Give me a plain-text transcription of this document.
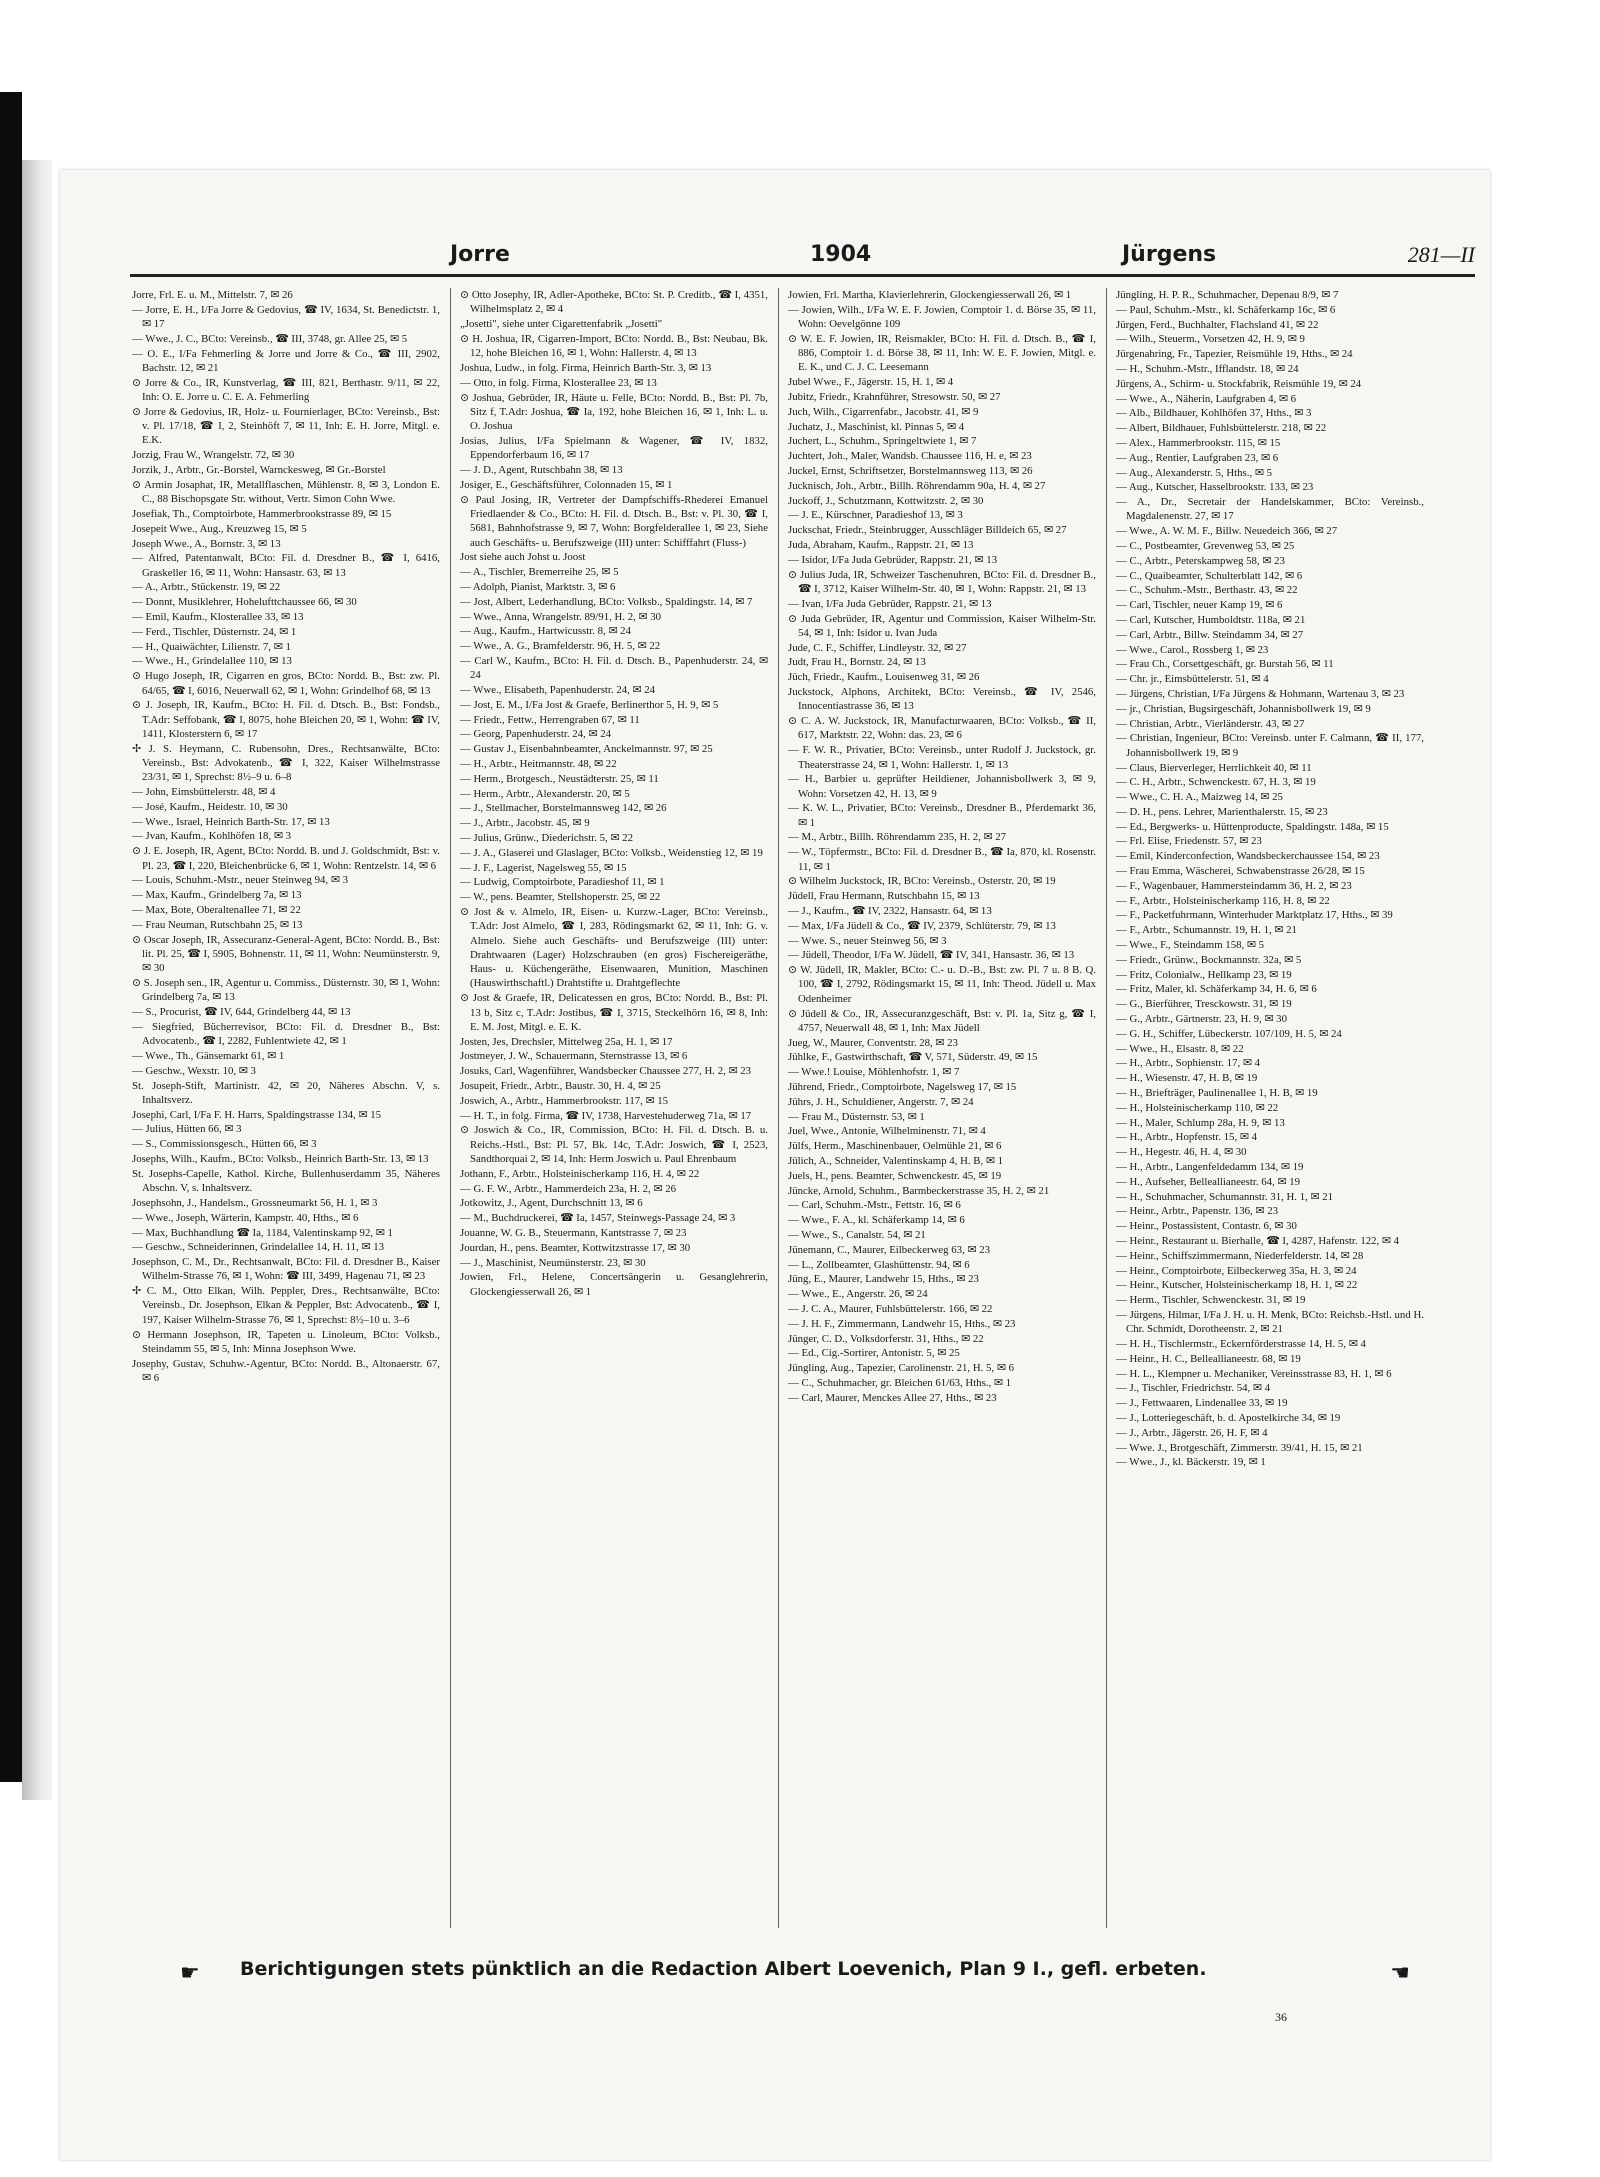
Jorre	1904	Jürgens	281—II
Jorre, Frl. E. u. M., Mittelstr. 7, ✉ 26
— Jorre, E. H., I/Fa Jorre & Gedovius, ☎ IV, 1634, St. Benedictstr. 1, ✉ 17
— Wwe., J. C., BCto: Vereinsb., ☎ III, 3748, gr. Allee 25, ✉ 5
— O. E., I/Fa Fehmerling & Jorre und Jorre & Co., ☎ III, 2902, Bachstr. 12, ✉ 21
⊙ Jorre & Co., IR, Kunstverlag, ☎ III, 821, Berthastr. 9/11, ✉ 22, Inh: O. E. Jorre u. C. E. A. Fehmerling
⊙ Jorre & Gedovius, IR, Holz- u. Fournierlager, BCto: Vereinsb., Bst: v. Pl. 17/18, ☎ I, 2, Steinhöft 7, ✉ 11, Inh: E. H. Jorre, Mitgl. e. E.K.
Jorzig, Frau W., Wrangelstr. 72, ✉ 30
Jorzik, J., Arbtr., Gr.-Borstel, Warnckesweg, ✉ Gr.-Borstel
⊙ Armin Josaphat, IR, Metallflaschen, Mühlenstr. 8, ✉ 3, London E. C., 88 Bischopsgate Str. without, Vertr. Simon Cohn Wwe.
Josefiak, Th., Comptoirbote, Hammerbrookstrasse 89, ✉ 15
Josepeit Wwe., Aug., Kreuzweg 15, ✉ 5
Joseph Wwe., A., Bornstr. 3, ✉ 13
— Alfred, Patentanwalt, BCto: Fil. d. Dresdner B., ☎ I, 6416, Graskeller 16, ✉ 11, Wohn: Hansastr. 63, ✉ 13
— A., Arbtr., Stückenstr. 19, ✉ 22
— Donnt, Musiklehrer, Hohelufttchaussee 66, ✉ 30
— Emil, Kaufm., Klosterallee 33, ✉ 13
— Ferd., Tischler, Düsternstr. 24, ✉ 1
— H., Quaiwächter, Lilienstr. 7, ✉ 1
— Wwe., H., Grindelallee 110, ✉ 13
⊙ Hugo Joseph, IR, Cigarren en gros, BCto: Nordd. B., Bst: zw. Pl. 64/65, ☎ I, 6016, Neuerwall 62, ✉ 1, Wohn: Grindelhof 68, ✉ 13
⊙ J. Joseph, IR, Kaufm., BCto: H. Fil. d. Dtsch. B., Bst: Fondsb., T.Adr: Seffobank, ☎ I, 8075, hohe Bleichen 20, ✉ 1, Wohn: ☎ IV, 1411, Klosterstern 6, ✉ 17
✢ J. S. Heymann, C. Rubensohn, Dres., Rechtsanwälte, BCto: Vereinsb., Bst: Advokatenb., ☎ I, 322, Kaiser Wilhelmstrasse 23/31, ✉ 1, Sprechst: 8½–9 u. 6–8
— John, Eimsbüttelerstr. 48, ✉ 4
— José, Kaufm., Heidestr. 10, ✉ 30
— Wwe., Israel, Heinrich Barth-Str. 17, ✉ 13
— Jvan, Kaufm., Kohlhöfen 18, ✉ 3
⊙ J. E. Joseph, IR, Agent, BCto: Nordd. B. und J. Goldschmidt, Bst: v. Pl. 23, ☎ I, 220, Bleichenbrücke 6, ✉ 1, Wohn: Rentzelstr. 14, ✉ 6
— Louis, Schuhm.-Mstr., neuer Steinweg 94, ✉ 3
— Max, Kaufm., Grindelberg 7a, ✉ 13
— Max, Bote, Oberaltenallee 71, ✉ 22
— Frau Neuman, Rutschbahn 25, ✉ 13
⊙ Oscar Joseph, IR, Assecuranz-General-Agent, BCto: Nordd. B., Bst: lit. Pl. 25, ☎ I, 5905, Bohnenstr. 11, ✉ 11, Wohn: Neumünsterstr. 9, ✉ 30
⊙ S. Joseph sen., IR, Agentur u. Commiss., Düsternstr. 30, ✉ 1, Wohn: Grindelberg 7a, ✉ 13
— S., Procurist, ☎ IV, 644, Grindelberg 44, ✉ 13
— Siegfried, Bücherrevisor, BCto: Fil. d. Dresdner B., Bst: Advocatenb., ☎ I, 2282, Fuhlentwiete 42, ✉ 1
— Wwe., Th., Gänsemarkt 61, ✉ 1
— Geschw., Wexstr. 10, ✉ 3
St. Joseph-Stift, Martinistr. 42, ✉ 20, Näheres Abschn. V, s. Inhaltsverz.
Josephi, Carl, I/Fa F. H. Harrs, Spaldingstrasse 134, ✉ 15
— Julius, Hütten 66, ✉ 3
— S., Commissionsgesch., Hütten 66, ✉ 3
Josephs, Wilh., Kaufm., BCto: Volksb., Heinrich Barth-Str. 13, ✉ 13
St. Josephs-Capelle, Kathol. Kirche, Bullenhuserdamm 35, Näheres Abschn. V, s. Inhaltsverz.
Josephsohn, J., Handelsm., Grossneumarkt 56, H. 1, ✉ 3
— Wwe., Joseph, Wärterin, Kampstr. 40, Hths., ✉ 6
— Max, Buchhandlung ☎ Ia, 1184, Valentinskamp 92, ✉ 1
— Geschw., Schneiderinnen, Grindelallee 14, H. 11, ✉ 13
Josephson, C. M., Dr., Rechtsanwalt, BCto: Fil. d. Dresdner B., Kaiser Wilhelm-Strasse 76, ✉ 1, Wohn: ☎ III, 3499, Hagenau 71, ✉ 23
✢ C. M., Otto Elkan, Wilh. Peppler, Dres., Rechtsanwälte, BCto: Vereinsb., Dr. Josephson, Elkan & Peppler, Bst: Advocatenb., ☎ I, 197, Kaiser Wilhelm-Strasse 76, ✉ 1, Sprechst: 8½–10 u. 3–6
⊙ Hermann Josephson, IR, Tapeten u. Linoleum, BCto: Volksb., Steindamm 55, ✉ 5, Inh: Minna Josephson Wwe.
Josephy, Gustav, Schuhw.-Agentur, BCto: Nordd. B., Altonaerstr. 67, ✉ 6
⊙ Otto Josephy, IR, Adler-Apotheke, BCto: St. P. Creditb., ☎ I, 4351, Wilhelmsplatz 2, ✉ 4
„Josetti", siehe unter Cigarettenfabrik „Josetti"
⊙ H. Joshua, IR, Cigarren-Import, BCto: Nordd. B., Bst: Neubau, Bk. 12, hohe Bleichen 16, ✉ 1, Wohn: Hallerstr. 4, ✉ 13
Joshua, Ludw., in folg. Firma, Heinrich Barth-Str. 3, ✉ 13
— Otto, in folg. Firma, Klosterallee 23, ✉ 13
⊙ Joshua, Gebrüder, IR, Häute u. Felle, BCto: Nordd. B., Bst: Pl. 7b, Sitz f, T.Adr: Joshua, ☎ Ia, 192, hohe Bleichen 16, ✉ 1, Inh: L. u. O. Joshua
Josias, Julius, I/Fa Spielmann & Wagener, ☎ IV, 1832, Eppendorferbaum 16, ✉ 17
— J. D., Agent, Rutschbahn 38, ✉ 13
Josiger, E., Geschäftsführer, Colonnaden 15, ✉ 1
⊙ Paul Josing, IR, Vertreter der Dampfschiffs-Rhederei Emanuel Friedlaender & Co., BCto: H. Fil. d. Dtsch. B., Bst: v. Pl. 30, ☎ I, 5681, Bahnhofstrasse 9, ✉ 7, Wohn: Borgfelderallee 1, ✉ 23, Siehe auch Geschäfts- u. Berufszweige (III) unter: Schifffahrt (Fluss-)
Jost siehe auch Johst u. Joost
— A., Tischler, Bremerreihe 25, ✉ 5
— Adolph, Pianist, Marktstr. 3, ✉ 6
— Jost, Albert, Lederhandlung, BCto: Volksb., Spaldingstr. 14, ✉ 7
— Wwe., Anna, Wrangelstr. 89/91, H. 2, ✉ 30
— Aug., Kaufm., Hartwicusstr. 8, ✉ 24
— Wwe., A. G., Bramfelderstr. 96, H. 5, ✉ 22
— Carl W., Kaufm., BCto: H. Fil. d. Dtsch. B., Papenhuderstr. 24, ✉ 24
— Wwe., Elisabeth, Papenhuderstr. 24, ✉ 24
— Jost, E. M., I/Fa Jost & Graefe, Berlinerthor 5, H. 9, ✉ 5
— Friedr., Fettw., Herrengraben 67, ✉ 11
— Georg, Papenhuderstr. 24, ✉ 24
— Gustav J., Eisenbahnbeamter, Anckelmannstr. 97, ✉ 25
— H., Arbtr., Heitmannstr. 48, ✉ 22
— Herm., Brotgesch., Neustädterstr. 25, ✉ 11
— Herm., Arbtr., Alexanderstr. 20, ✉ 5
— J., Stellmacher, Borstelmannsweg 142, ✉ 26
— J., Arbtr., Jacobstr. 45, ✉ 9
— Julius, Grünw., Diederichstr. 5, ✉ 22
— J. A., Glaserei und Glaslager, BCto: Volksb., Weidenstieg 12, ✉ 19
— J. F., Lagerist, Nagelsweg 55, ✉ 15
— Ludwig, Comptoirbote, Paradieshof 11, ✉ 1
— W., pens. Beamter, Stellshoperstr. 25, ✉ 22
⊙ Jost & v. Almelo, IR, Eisen- u. Kurzw.-Lager, BCto: Vereinsb., T.Adr: Jost Almelo, ☎ I, 283, Rödingsmarkt 62, ✉ 11, Inh: G. v. Almelo. Siehe auch Geschäfts- und Berufszweige (III) unter: Drahtwaaren (Lager) Holzschrauben (en gros) Fischereigeräthe, Haus- u. Küchengeräthe, Eisenwaaren, Munition, Maschinen (Hauswirthschaftl.) Drahtstifte u. Drahtgeflechte
⊙ Jost & Graefe, IR, Delicatessen en gros, BCto: Nordd. B., Bst: Pl. 13 b, Sitz c, T.Adr: Jostibus, ☎ I, 3715, Steckelhörn 16, ✉ 8, Inh: E. M. Jost, Mitgl. e. E. K.
Josten, Jes, Drechsler, Mittelweg 25a, H. 1, ✉ 17
Jostmeyer, J. W., Schauermann, Sternstrasse 13, ✉ 6
Josuks, Carl, Wagenführer, Wandsbecker Chaussee 277, H. 2, ✉ 23
Josupeit, Friedr., Arbtr., Baustr. 30, H. 4, ✉ 25
Joswich, A., Arbtr., Hammerbrookstr. 117, ✉ 15
— H. T., in folg. Firma, ☎ IV, 1738, Harvestehuderweg 71a, ✉ 17
⊙ Joswich & Co., IR, Commission, BCto: H. Fil. d. Dtsch. B. u. Reichs.-Hstl., Bst: Pl. 57, Bk. 14c, T.Adr: Joswich, ☎ I, 2523, Sandthorquai 2, ✉ 14, Inh: Herm Joswich u. Paul Ehrenbaum
Jothann, F., Arbtr., Holsteinischerkamp 116, H. 4, ✉ 22
— G. F. W., Arbtr., Hammerdeich 23a, H. 2, ✉ 26
Jotkowitz, J., Agent, Durchschnitt 13, ✉ 6
— M., Buchdruckerei, ☎ Ia, 1457, Steinwegs-Passage 24, ✉ 3
Jouanne, W. G. B., Steuermann, Kantstrasse 7, ✉ 23
Jourdan, H., pens. Beamter, Kottwitzstrasse 17, ✉ 30
— J., Maschinist, Neumünsterstr. 23, ✉ 30
Jowien, Frl., Helene, Concertsängerin u. Gesanglehrerin, Glockengiesserwall 26, ✉ 1
Jowien, Frl. Martha, Klavierlehrerin, Glockengiesserwall 26, ✉ 1
— Jowien, Wilh., I/Fa W. E. F. Jowien, Comptoir 1. d. Börse 35, ✉ 11, Wohn: Oevelgönne 109
⊙ W. E. F. Jowien, IR, Reismakler, BCto: H. Fil. d. Dtsch. B., ☎ I, 886, Comptoir 1. d. Börse 38, ✉ 11, Inh: W. E. F. Jowien, Mitgl. e. E. K., und C. J. C. Leesemann
Jubel Wwe., F., Jägerstr. 15, H. 1, ✉ 4
Jubitz, Friedr., Krahnführer, Stresowstr. 50, ✉ 27
Juch, Wilh., Cigarrenfabr., Jacobstr. 41, ✉ 9
Juchatz, J., Maschinist, kl. Pinnas 5, ✉ 4
Juchert, L., Schuhm., Springeltwiete 1, ✉ 7
Juchtert, Joh., Maler, Wandsb. Chaussee 116, H. e, ✉ 23
Juckel, Ernst, Schriftsetzer, Borstelmannsweg 113, ✉ 26
Jucknisch, Joh., Arbtr., Billh. Röhrendamm 90a, H. 4, ✉ 27
Juckoff, J., Schutzmann, Kottwitzstr. 2, ✉ 30
— J. E., Kürschner, Paradieshof 13, ✉ 3
Juckschat, Friedr., Steinbrugger, Ausschläger Billdeich 65, ✉ 27
Juda, Abraham, Kaufm., Rappstr. 21, ✉ 13
— Isidor, I/Fa Juda Gebrüder, Rappstr. 21, ✉ 13
⊙ Julius Juda, IR, Schweizer Taschenuhren, BCto: Fil. d. Dresdner B., ☎ I, 3712, Kaiser Wilhelm-Str. 40, ✉ 1, Wohn: Rappstr. 21, ✉ 13
— Ivan, I/Fa Juda Gebrüder, Rappstr. 21, ✉ 13
⊙ Juda Gebrüder, IR, Agentur und Commission, Kaiser Wilhelm-Str. 54, ✉ 1, Inh: Isidor u. Ivan Juda
Jude, C. F., Schiffer, Lindleystr. 32, ✉ 27
Judt, Frau H., Bornstr. 24, ✉ 13
Jüch, Friedr., Kaufm., Louisenweg 31, ✉ 26
Juckstock, Alphons, Architekt, BCto: Vereinsb., ☎ IV, 2546, Innocentiastrasse 36, ✉ 13
⊙ C. A. W. Juckstock, IR, Manufacturwaaren, BCto: Volksb., ☎ II, 617, Marktstr. 22, Wohn: das. 23, ✉ 6
— F. W. R., Privatier, BCto: Vereinsb., unter Rudolf J. Juckstock, gr. Theaterstrasse 24, ✉ 1, Wohn: Hallerstr. 1, ✉ 13
— H., Barbier u. geprüfter Heildiener, Johannisbollwerk 3, ✉ 9, Wohn: Vorsetzen 42, H. 13, ✉ 9
— K. W. L., Privatier, BCto: Vereinsb., Dresdner B., Pferdemarkt 36, ✉ 1
— M., Arbtr., Billh. Röhrendamm 235, H. 2, ✉ 27
— W., Töpfermstr., BCto: Fil. d. Dresdner B., ☎ Ia, 870, kl. Rosenstr. 11, ✉ 1
⊙ Wilhelm Juckstock, IR, BCto: Vereinsb., Osterstr. 20, ✉ 19
Jüdell, Frau Hermann, Rutschbahn 15, ✉ 13
— J., Kaufm., ☎ IV, 2322, Hansastr. 64, ✉ 13
— Max, I/Fa Jüdell & Co., ☎ IV, 2379, Schlüterstr. 79, ✉ 13
— Wwe. S., neuer Steinweg 56, ✉ 3
— Jüdell, Theodor, I/Fa W. Jüdell, ☎ IV, 341, Hansastr. 36, ✉ 13
⊙ W. Jüdell, IR, Makler, BCto: C.- u. D.-B., Bst: zw. Pl. 7 u. 8 B. Q. 100, ☎ I, 2792, Rödingsmarkt 15, ✉ 11, Inh: Theod. Jüdell u. Max Odenheimer
⊙ Jüdell & Co., IR, Assecuranzgeschäft, Bst: v. Pl. 1a, Sitz g, ☎ I, 4757, Neuerwall 48, ✉ 1, Inh: Max Jüdell
Jueg, W., Maurer, Conventstr. 28, ✉ 23
Jühlke, F., Gastwirthschaft, ☎ V, 571, Süderstr. 49, ✉ 15
— Wwe.! Louise, Möhlenhofstr. 1, ✉ 7
Jührend, Friedr., Comptoirbote, Nagelsweg 17, ✉ 15
Jührs, J. H., Schuldiener, Angerstr. 7, ✉ 24
— Frau M., Düsternstr. 53, ✉ 1
Juel, Wwe., Antonie, Wilhelminenstr. 71, ✉ 4
Jülfs, Herm., Maschinenbauer, Oelmühle 21, ✉ 6
Jülich, A., Schneider, Valentinskamp 4, H. B, ✉ 1
Juels, H., pens. Beamter, Schwenckestr. 45, ✉ 19
Jüncke, Arnold, Schuhm., Barmbeckerstrasse 35, H. 2, ✉ 21
— Carl, Schuhm.-Mstr., Fettstr. 16, ✉ 6
— Wwe., F. A., kl. Schäferkamp 14, ✉ 6
— Wwe., S., Canalstr. 54, ✉ 21
Jünemann, C., Maurer, Eilbeckerweg 63, ✉ 23
— L., Zollbeamter, Glashüttenstr. 94, ✉ 6
Jüng, E., Maurer, Landwehr 15, Hths., ✉ 23
— Wwe., E., Angerstr. 26, ✉ 24
— J. C. A., Maurer, Fuhlsbüttelerstr. 166, ✉ 22
— J. H. F., Zimmermann, Landwehr 15, Hths., ✉ 23
Jünger, C. D., Volksdorferstr. 31, Hths., ✉ 22
— Ed., Cig.-Sortirer, Antonistr. 5, ✉ 25
Jüngling, Aug., Tapezier, Carolinenstr. 21, H. 5, ✉ 6
— C., Schuhmacher, gr. Bleichen 61/63, Hths., ✉ 1
— Carl, Maurer, Menckes Allee 27, Hths., ✉ 23
Jüngling, H. P. R., Schuhmacher, Depenau 8/9, ✉ 7
— Paul, Schuhm.-Mstr., kl. Schäferkamp 16c, ✉ 6
Jürgen, Ferd., Buchhalter, Flachsland 41, ✉ 22
— Wilh., Steuerm., Vorsetzen 42, H. 9, ✉ 9
Jürgenahring, Fr., Tapezier, Reismühle 19, Hths., ✉ 24
— H., Schuhm.-Mstr., Ifflandstr. 18, ✉ 24
Jürgens, A., Schirm- u. Stockfabrik, Reismühle 19, ✉ 24
— Wwe., A., Näherin, Laufgraben 4, ✉ 6
— Alb., Bildhauer, Kohlhöfen 37, Hths., ✉ 3
— Albert, Bildhauer, Fuhlsbüttelerstr. 218, ✉ 22
— Alex., Hammerbrookstr. 115, ✉ 15
— Aug., Rentier, Laufgraben 23, ✉ 6
— Aug., Alexanderstr. 5, Hths., ✉ 5
— Aug., Kutscher, Hasselbrookstr. 133, ✉ 23
— A., Dr., Secretair der Handelskammer, BCto: Vereinsb., Magdalenenstr. 27, ✉ 17
— Wwe., A. W. M. F., Billw. Neuedeich 366, ✉ 27
— C., Postbeamter, Grevenweg 53, ✉ 25
— C., Arbtr., Peterskampweg 58, ✉ 23
— C., Quaibeamter, Schulterblatt 142, ✉ 6
— C., Schuhm.-Mstr., Berthastr. 43, ✉ 22
— Carl, Tischler, neuer Kamp 19, ✉ 6
— Carl, Kutscher, Humboldtstr. 118a, ✉ 21
— Carl, Arbtr., Billw. Steindamm 34, ✉ 27
— Wwe., Carol., Rossberg 1, ✉ 23
— Frau Ch., Corsettgeschäft, gr. Burstah 56, ✉ 11
— Chr. jr., Eimsbüttelerstr. 51, ✉ 4
— Jürgens, Christian, I/Fa Jürgens & Hohmann, Wartenau 3, ✉ 23
— jr., Christian, Bugsirgeschäft, Johannisbollwerk 19, ✉ 9
— Christian, Arbtr., Vierländerstr. 43, ✉ 27
— Christian, Ingenieur, BCto: Vereinsb. unter F. Calmann, ☎ II, 177, Johannisbollwerk 19, ✉ 9
— Claus, Bierverleger, Herrlichkeit 40, ✉ 11
— C. H., Arbtr., Schwenckestr. 67, H. 3, ✉ 19
— Wwe., C. H. A., Maizweg 14, ✉ 25
— D. H., pens. Lehrer, Marienthalerstr. 15, ✉ 23
— Ed., Bergwerks- u. Hüttenproducte, Spaldingstr. 148a, ✉ 15
— Frl. Elise, Friedenstr. 57, ✉ 23
— Emil, Kinderconfection, Wandsbeckerchaussee 154, ✉ 23
— Frau Emma, Wäscherei, Schwabenstrasse 26/28, ✉ 15
— F., Wagenbauer, Hammersteindamm 36, H. 2, ✉ 23
— F., Arbtr., Holsteinischerkamp 116, H. 8, ✉ 22
— F., Packetfuhrmann, Winterhuder Marktplatz 17, Hths., ✉ 39
— F., Arbtr., Schumannstr. 19, H. 1, ✉ 21
— Wwe., F., Steindamm 158, ✉ 5
— Friedr., Grünw., Bockmannstr. 32a, ✉ 5
— Fritz, Colonialw., Hellkamp 23, ✉ 19
— Fritz, Maler, kl. Schäferkamp 34, H. 6, ✉ 6
— G., Bierführer, Tresckowstr. 31, ✉ 19
— G., Arbtr., Gärtnerstr. 23, H. 9, ✉ 30
— G. H., Schiffer, Lübeckerstr. 107/109, H. 5, ✉ 24
— Wwe., H., Elsastr. 8, ✉ 22
— H., Arbtr., Sophienstr. 17, ✉ 4
— H., Wiesenstr. 47, H. B, ✉ 19
— H., Briefträger, Paulinenallee 1, H. B, ✉ 19
— H., Holsteinischerkamp 110, ✉ 22
— H., Maler, Schlump 28a, H. 9, ✉ 13
— H., Arbtr., Hopfenstr. 15, ✉ 4
— H., Hegestr. 46, H. 4, ✉ 30
— H., Arbtr., Langenfeldedamm 134, ✉ 19
— H., Aufseher, Belleallianeestr. 64, ✉ 19
— H., Schuhmacher, Schumannstr. 31, H. 1, ✉ 21
— Heinr., Arbtr., Papenstr. 136, ✉ 23
— Heinr., Postassistent, Contastr. 6, ✉ 30
— Heinr., Restaurant u. Bierhalle, ☎ I, 4287, Hafenstr. 122, ✉ 4
— Heinr., Schiffszimmermann, Niederfelderstr. 14, ✉ 28
— Heinr., Comptoirbote, Eilbeckerweg 35a, H. 3, ✉ 24
— Heinr., Kutscher, Holsteinischerkamp 18, H. 1, ✉ 22
— Herm., Tischler, Schwenckestr. 31, ✉ 19
— Jürgens, Hilmar, I/Fa J. H. u. H. Menk, BCto: Reichsb.-Hstl. und H. Chr. Schmidt, Dorotheenstr. 2, ✉ 21
— H. H., Tischlermstr., Eckernförderstrasse 14, H. 5, ✉ 4
— Heinr., H. C., Belleallianeestr. 68, ✉ 19
— H. L., Klempner u. Mechaniker, Vereinsstrasse 83, H. 1, ✉ 6
— J., Tischler, Friedrichstr. 54, ✉ 4
— J., Fettwaaren, Lindenallee 33, ✉ 19
— J., Lotteriegeschäft, b. d. Apostelkirche 34, ✉ 19
— J., Arbtr., Jägerstr. 26, H. F, ✉ 4
— Wwe. J., Brotgeschäft, Zimmerstr. 39/41, H. 15, ✉ 21
— Wwe., J., kl. Bäckerstr. 19, ✉ 1
☛ Berichtigungen stets pünktlich an die Redaction Albert Loevenich, Plan 9 I., gefl. erbeten.	☚
36
